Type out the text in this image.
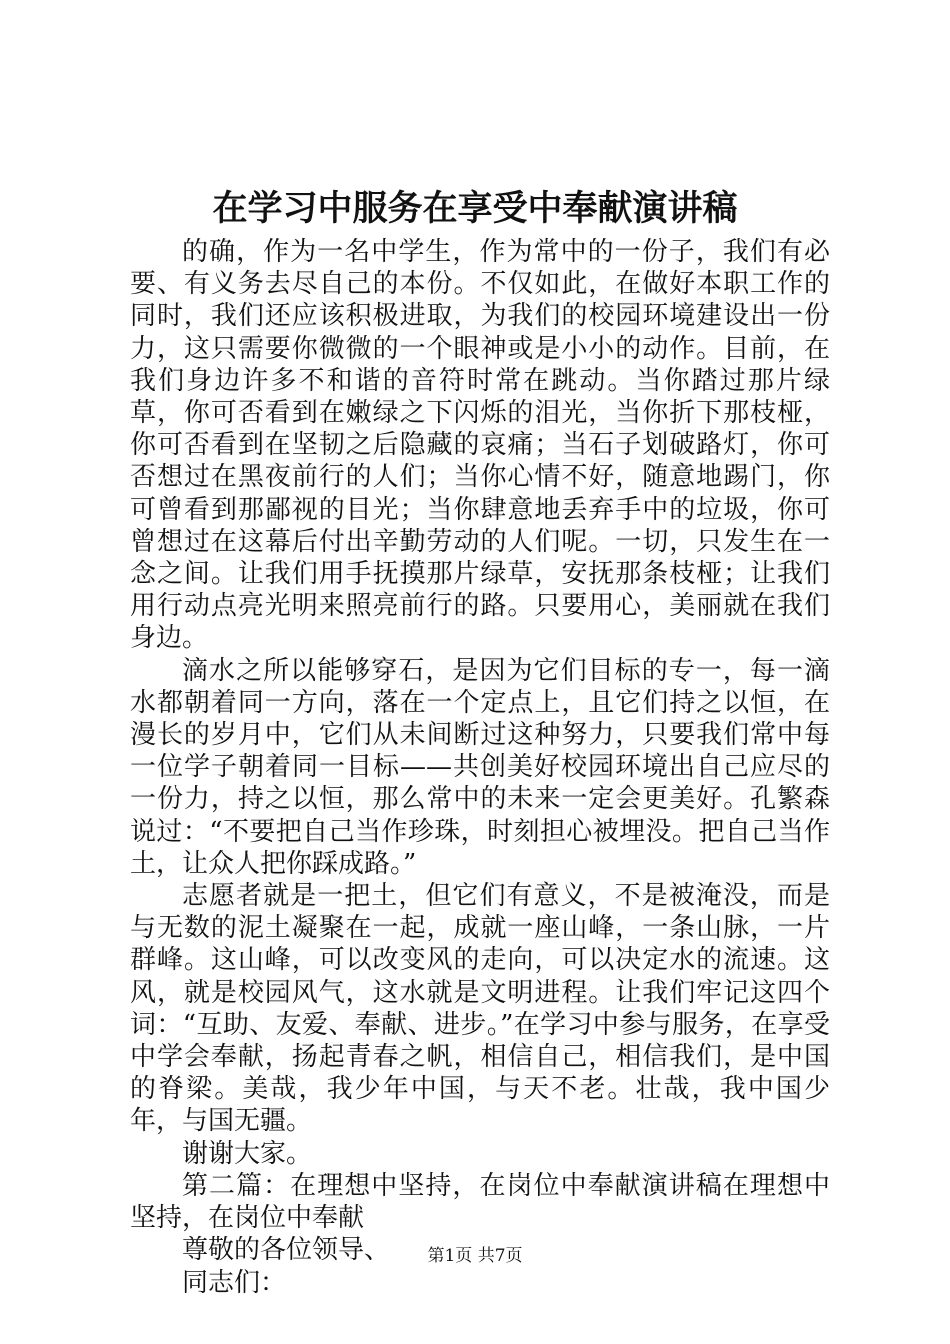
在学习中服务在享受中奉献演讲稿

的确，作为一名中学生，作为常中的一份子，我们有必要、有义务去尽自己的本份。不仅如此，在做好本职工作的同时，我们还应该积极进取，为我们的校园环境建设出一份力，这只需要你微微的一个眼神或是小小的动作。目前，在我们身边许多不和谐的音符时常在跳动。当你踏过那片绿草，你可否看到在嫩绿之下闪烁的泪光，当你折下那枝桠，你可否看到在坚韧之后隐藏的哀痛；当石子划破路灯，你可否想过在黑夜前行的人们；当你心情不好，随意地踢门，你可曾看到那鄙视的目光；当你肆意地丢弃手中的垃圾，你可曾想过在这幕后付出辛勤劳动的人们呢。一切，只发生在一念之间。让我们用手抚摸那片绿草，安抚那条枝桠；让我们用行动点亮光明来照亮前行的路。只要用心，美丽就在我们身边。

滴水之所以能够穿石，是因为它们目标的专一，每一滴水都朝着同一方向，落在一个定点上，且它们持之以恒，在漫长的岁月中，它们从未间断过这种努力，只要我们常中每一位学子朝着同一目标——共创美好校园环境出自己应尽的一份力，持之以恒，那么常中的未来一定会更美好。孔繁森说过：“不要把自己当作珍珠，时刻担心被埋没。把自己当作土，让众人把你踩成路。”

志愿者就是一把土，但它们有意义，不是被淹没，而是与无数的泥土凝聚在一起，成就一座山峰，一条山脉，一片群峰。这山峰，可以改变风的走向，可以决定水的流速。这风，就是校园风气，这水就是文明进程。让我们牢记这四个词：“互助、友爱、奉献、进步。”在学习中参与服务，在享受中学会奉献，扬起青春之帆，相信自己，相信我们，是中国的脊梁。美哉，我少年中国，与天不老。壮哉，我中国少年，与国无疆。

谢谢大家。

第二篇：在理想中坚持，在岗位中奉献演讲稿在理想中坚持，在岗位中奉献

尊敬的各位领导、

同志们：

第1页 共7页
